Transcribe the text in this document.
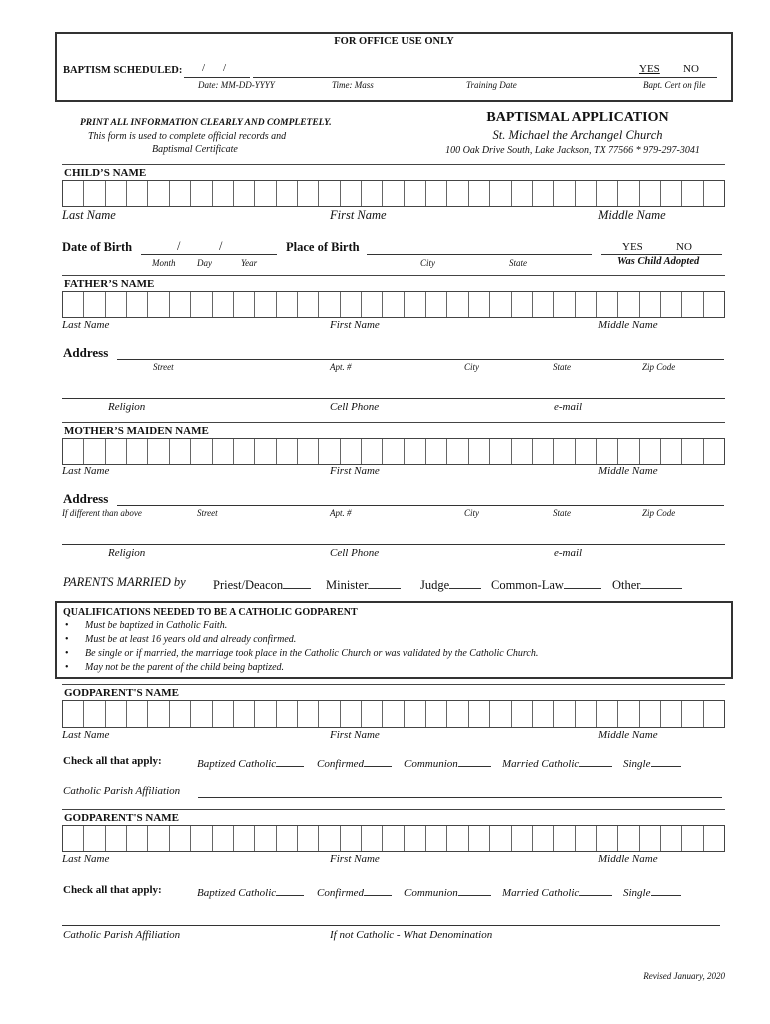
FOR OFFICE USE ONLY
BAPTISM SCHEDULED: / /	YES NO
Date: MM-DD-YYYY	Time: Mass	Training Date	Bapt. Cert on file
PRINT ALL INFORMATION CLEARLY AND COMPLETELY.
This form is used to complete official records and
Baptismal Certificate
BAPTISMAL APPLICATION
St. Michael the Archangel Church
100 Oak Drive South, Lake Jackson, TX 77566 * 979-297-3041
CHILD’S NAME
Last Name	First Name	Middle Name
Date of Birth	/	/
Month Day	Year
Place of Birth
City	State
YES	NO
Was Child Adopted
FATHER’S NAME
Last Name	First Name	Middle Name
Address
Street	Apt. #	City	State	Zip Code
Religion	Cell Phone	e-mail
MOTHER’S MAIDEN NAME
Last Name	First Name	Middle Name
Address
If different than above	Street	Apt. #	City	State	Zip Code
Religion	Cell Phone	e-mail
PARENTS MARRIED by Priest/Deacon	Minister	Judge	Common-Law	Other
QUALIFICATIONS NEEDED TO BE A CATHOLIC GODPARENT
• Must be baptized in Catholic Faith.
• Must be at least 16 years old and already confirmed.
• Be single or if married, the marriage took place in the Catholic Church or was validated by the Catholic Church.
• May not be the parent of the child being baptized.
GODPARENT'S NAME
Last Name	First Name	Middle Name
Check all that apply:	Baptized Catholic	Confirmed	Communion	Married Catholic	Single
Catholic Parish Affiliation
GODPARENT'S NAME
Last Name	First Name	Middle Name
Check all that apply:	Baptized Catholic	Confirmed	Communion	Married Catholic	Single
Catholic Parish Affiliation	If not Catholic - What Denomination
Revised January, 2020
